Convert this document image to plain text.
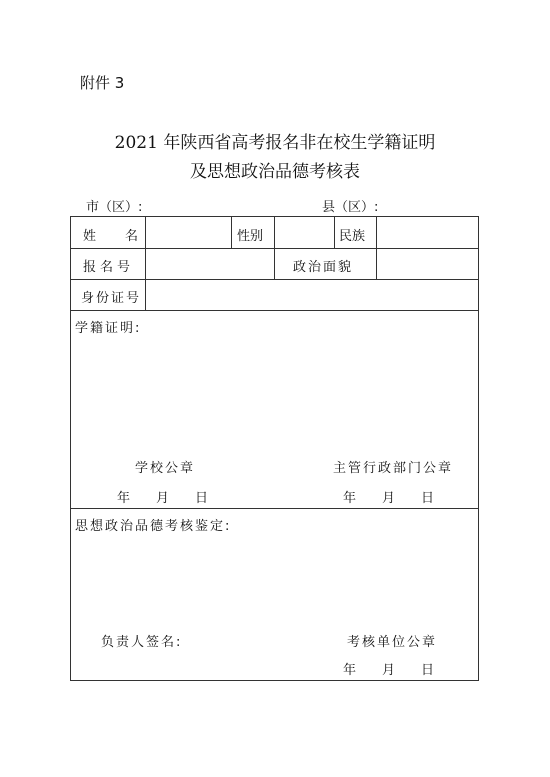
附件 3
2021 年陕西省高考报名非在校生学籍证明
及思想政治品德考核表
市（区）:	县（区）:
姓　名	性别	民族
报名号	政治面貌
身份证号
学籍证明:
学校公章	主管行政部门公章
年　　月　　日	年　　月　　日
思想政治品德考核鉴定:
负责人签名:	考核单位公章
年　　月　　日
